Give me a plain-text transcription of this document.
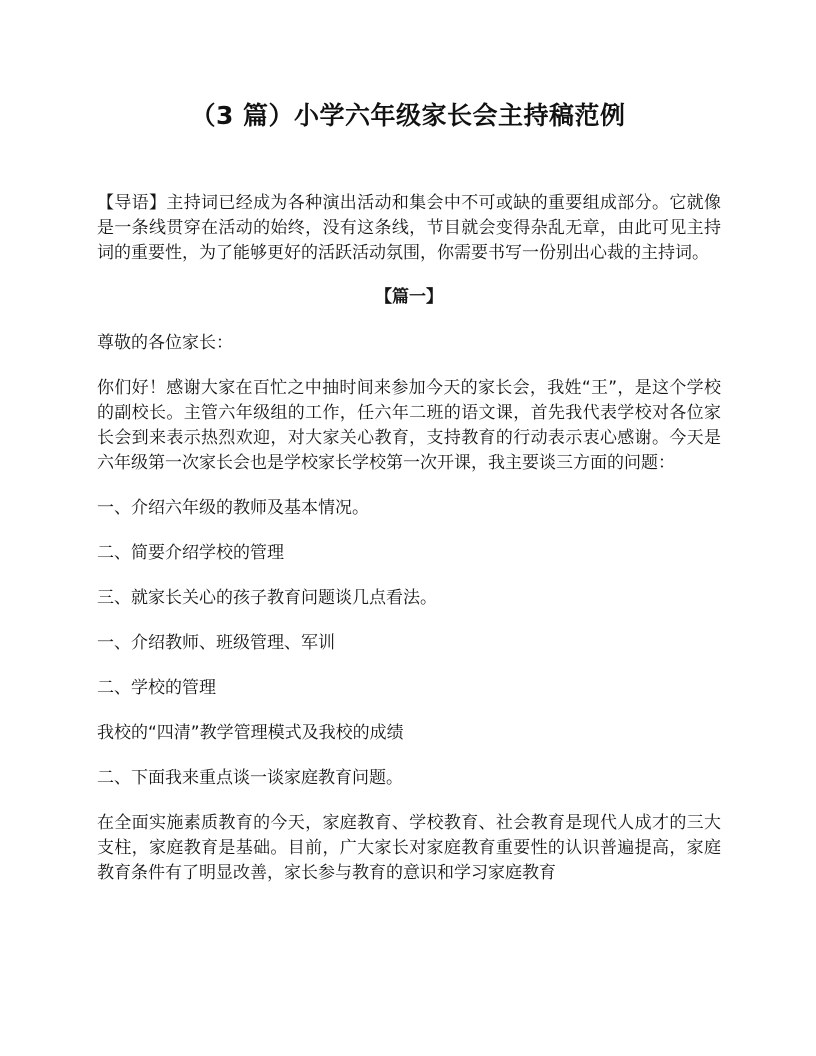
（3 篇）小学六年级家长会主持稿范例

【导语】主持词已经成为各种演出活动和集会中不可或缺的重要组成部分。它就像是一条线贯穿在活动的始终，没有这条线，节目就会变得杂乱无章，由此可见主持词的重要性，为了能够更好的活跃活动氛围，你需要书写一份别出心裁的主持词。

【篇一】

尊敬的各位家长：

你们好！感谢大家在百忙之中抽时间来参加今天的家长会，我姓“王”，是这个学校的副校长。主管六年级组的工作，任六年二班的语文课，首先我代表学校对各位家长会到来表示热烈欢迎，对大家关心教育，支持教育的行动表示衷心感谢。今天是六年级第一次家长会也是学校家长学校第一次开课，我主要谈三方面的问题：

一、介绍六年级的教师及基本情况。

二、简要介绍学校的管理

三、就家长关心的孩子教育问题谈几点看法。

一、介绍教师、班级管理、军训

二、学校的管理

我校的“四清”教学管理模式及我校的成绩

二、下面我来重点谈一谈家庭教育问题。

在全面实施素质教育的今天，家庭教育、学校教育、社会教育是现代人成才的三大支柱，家庭教育是基础。目前，广大家长对家庭教育重要性的认识普遍提高，家庭教育条件有了明显改善，家长参与教育的意识和学习家庭教育
